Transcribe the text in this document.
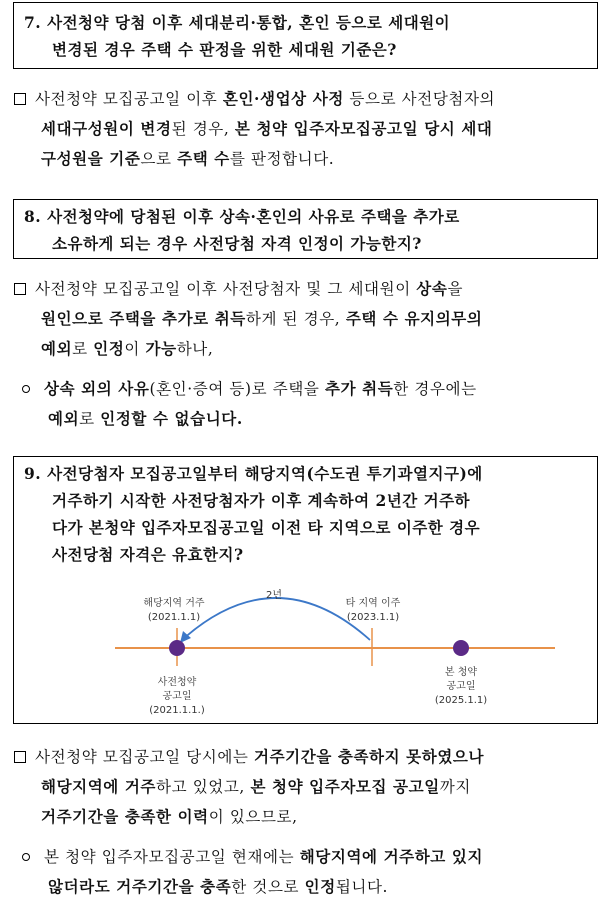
7. 사전청약 당첨 이후 세대분리·통합, 혼인 등으로 세대원이
변경된 경우 주택 수 판정을 위한 세대원 기준은?
사전청약 모집공고일 이후 혼인·생업상 사정 등으로 사전당첨자의
세대구성원이 변경된 경우, 본 청약 입주자모집공고일 당시 세대
구성원을 기준으로 주택 수를 판정합니다.
8. 사전청약에 당첨된 이후 상속·혼인의 사유로 주택을 추가로
소유하게 되는 경우 사전당첨 자격 인정이 가능한지?
사전청약 모집공고일 이후 사전당첨자 및 그 세대원이 상속을
원인으로 주택을 추가로 취득하게 된 경우, 주택 수 유지의무의
예외로 인정이 가능하나,
상속 외의 사유(혼인·증여 등)로 주택을 추가 취득한 경우에는
예외로 인정할 수 없습니다.
9. 사전당첨자 모집공고일부터 해당지역(수도권 투기과열지구)에
거주하기 시작한 사전당첨자가 이후 계속하여 2년간 거주하
다가 본청약 입주자모집공고일 이전 타 지역으로 이주한 경우
사전당첨 자격은 유효한지?
해당지역 거주
(2021.1.1)
2년
타 지역 이주
(2023.1.1)
사전청약
공고일
(2021.1.1.)
본 청약
공고일
(2025.1.1)
사전청약 모집공고일 당시에는 거주기간을 충족하지 못하였으나
해당지역에 거주하고 있었고, 본 청약 입주자모집 공고일까지
거주기간을 충족한 이력이 있으므로,
본 청약 입주자모집공고일 현재에는 해당지역에 거주하고 있지
않더라도 거주기간을 충족한 것으로 인정됩니다.
